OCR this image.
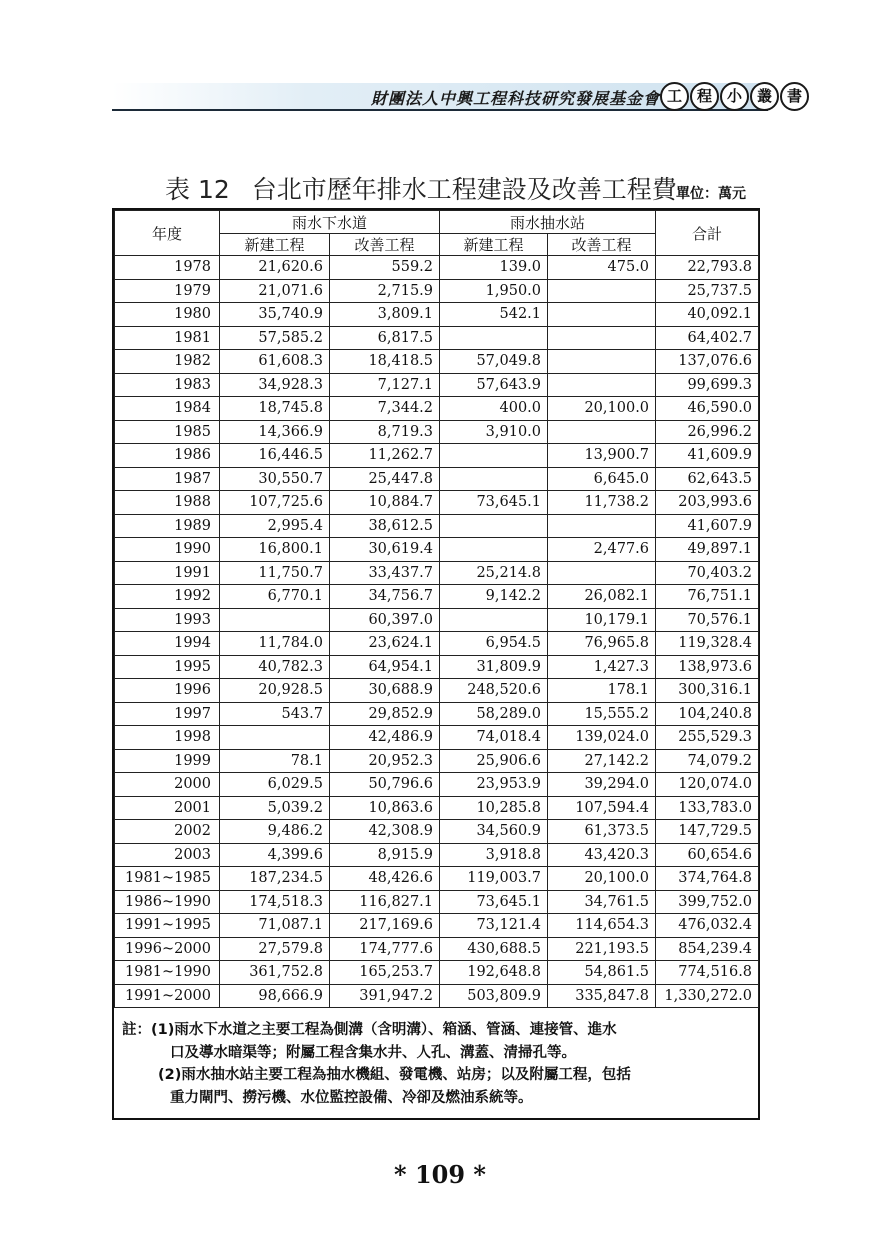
財團法人中興工程科技研究發展基金會 工 程 小 叢 書
表 12 台北市歷年排水工程建設及改善工程費 單位：萬元
年度	雨水下水道		雨水抽水站		合計
	新建工程	改善工程	新建工程	改善工程	
1978	21,620.6	559.2	139.0	475.0	22,793.8
1979	21,071.6	2,715.9	1,950.0		25,737.5
1980	35,740.9	3,809.1	542.1		40,092.1
1981	57,585.2	6,817.5			64,402.7
1982	61,608.3	18,418.5	57,049.8		137,076.6
1983	34,928.3	7,127.1	57,643.9		99,699.3
1984	18,745.8	7,344.2	400.0	20,100.0	46,590.0
1985	14,366.9	8,719.3	3,910.0		26,996.2
1986	16,446.5	11,262.7		13,900.7	41,609.9
1987	30,550.7	25,447.8		6,645.0	62,643.5
1988	107,725.6	10,884.7	73,645.1	11,738.2	203,993.6
1989	2,995.4	38,612.5			41,607.9
1990	16,800.1	30,619.4		2,477.6	49,897.1
1991	11,750.7	33,437.7	25,214.8		70,403.2
1992	6,770.1	34,756.7	9,142.2	26,082.1	76,751.1
1993		60,397.0		10,179.1	70,576.1
1994	11,784.0	23,624.1	6,954.5	76,965.8	119,328.4
1995	40,782.3	64,954.1	31,809.9	1,427.3	138,973.6
1996	20,928.5	30,688.9	248,520.6	178.1	300,316.1
1997	543.7	29,852.9	58,289.0	15,555.2	104,240.8
1998		42,486.9	74,018.4	139,024.0	255,529.3
1999	78.1	20,952.3	25,906.6	27,142.2	74,079.2
2000	6,029.5	50,796.6	23,953.9	39,294.0	120,074.0
2001	5,039.2	10,863.6	10,285.8	107,594.4	133,783.0
2002	9,486.2	42,308.9	34,560.9	61,373.5	147,729.5
2003	4,399.6	8,915.9	3,918.8	43,420.3	60,654.6
1981~1985	187,234.5	48,426.6	119,003.7	20,100.0	374,764.8
1986~1990	174,518.3	116,827.1	73,645.1	34,761.5	399,752.0
1991~1995	71,087.1	217,169.6	73,121.4	114,654.3	476,032.4
1996~2000	27,579.8	174,777.6	430,688.5	221,193.5	854,239.4
1981~1990	361,752.8	165,253.7	192,648.8	54,861.5	774,516.8
1991~2000	98,666.9	391,947.2	503,809.9	335,847.8	1,330,272.0
註：(1)雨水下水道之主要工程為側溝（含明溝）、箱涵、管涵、連接管、進水
口及導水暗渠等；附屬工程含集水井、人孔、溝蓋、清掃孔等。
(2)雨水抽水站主要工程為抽水機組、發電機、站房；以及附屬工程，包括
重力閘門、撈污機、水位監控設備、冷卻及燃油系統等。
* 109 *
